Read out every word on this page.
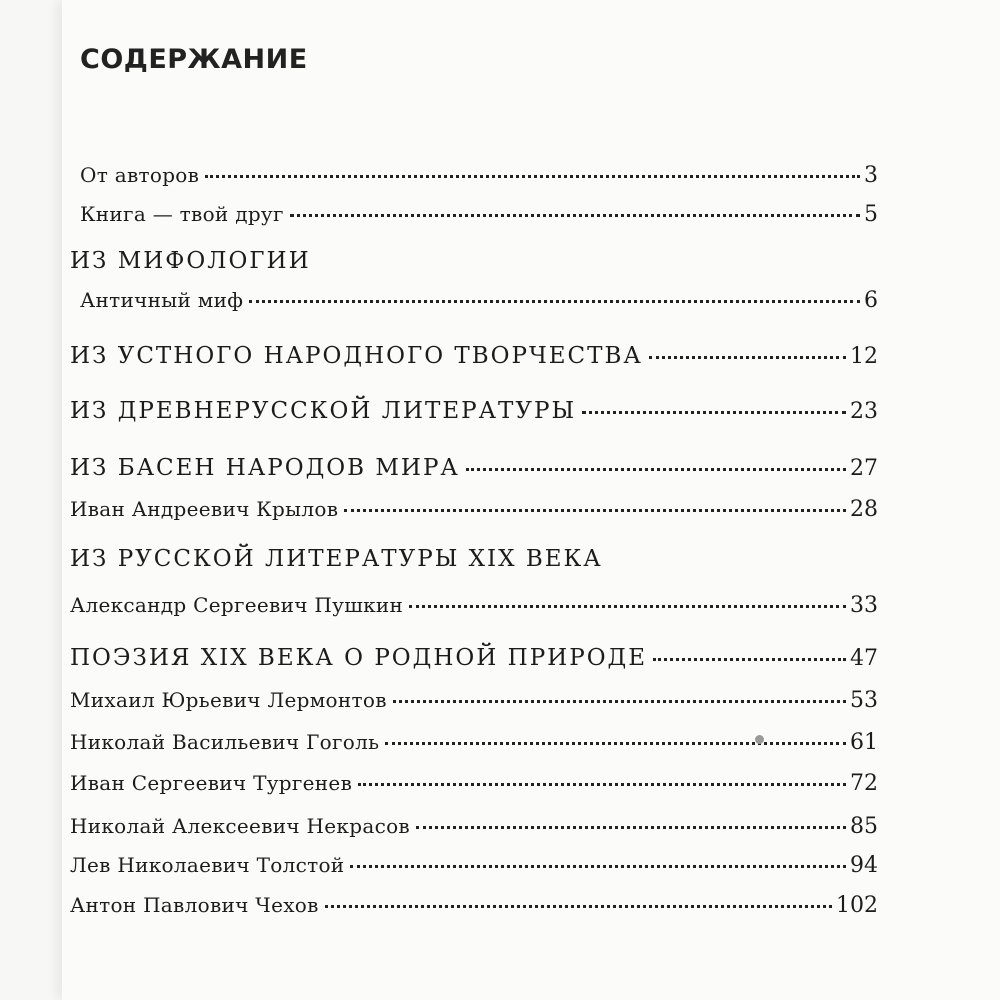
СОДЕРЖАНИЕ
От авторов	3
Книга — твой друг	5
ИЗ МИФОЛОГИИ
Античный миф	6
ИЗ УСТНОГО НАРОДНОГО ТВОРЧЕСТВА	12
ИЗ ДРЕВНЕРУССКОЙ ЛИТЕРАТУРЫ	23
ИЗ БАСЕН НАРОДОВ МИРА	27
Иван Андреевич Крылов	28
ИЗ РУССКОЙ ЛИТЕРАТУРЫ XIX ВЕКА
Александр Сергеевич Пушкин	33
ПОЭЗИЯ XIX ВЕКА О РОДНОЙ ПРИРОДЕ	47
Михаил Юрьевич Лермонтов	53
Николай Васильевич Гоголь	61
Иван Сергеевич Тургенев	72
Николай Алексеевич Некрасов	85
Лев Николаевич Толстой	94
Антон Павлович Чехов	102
